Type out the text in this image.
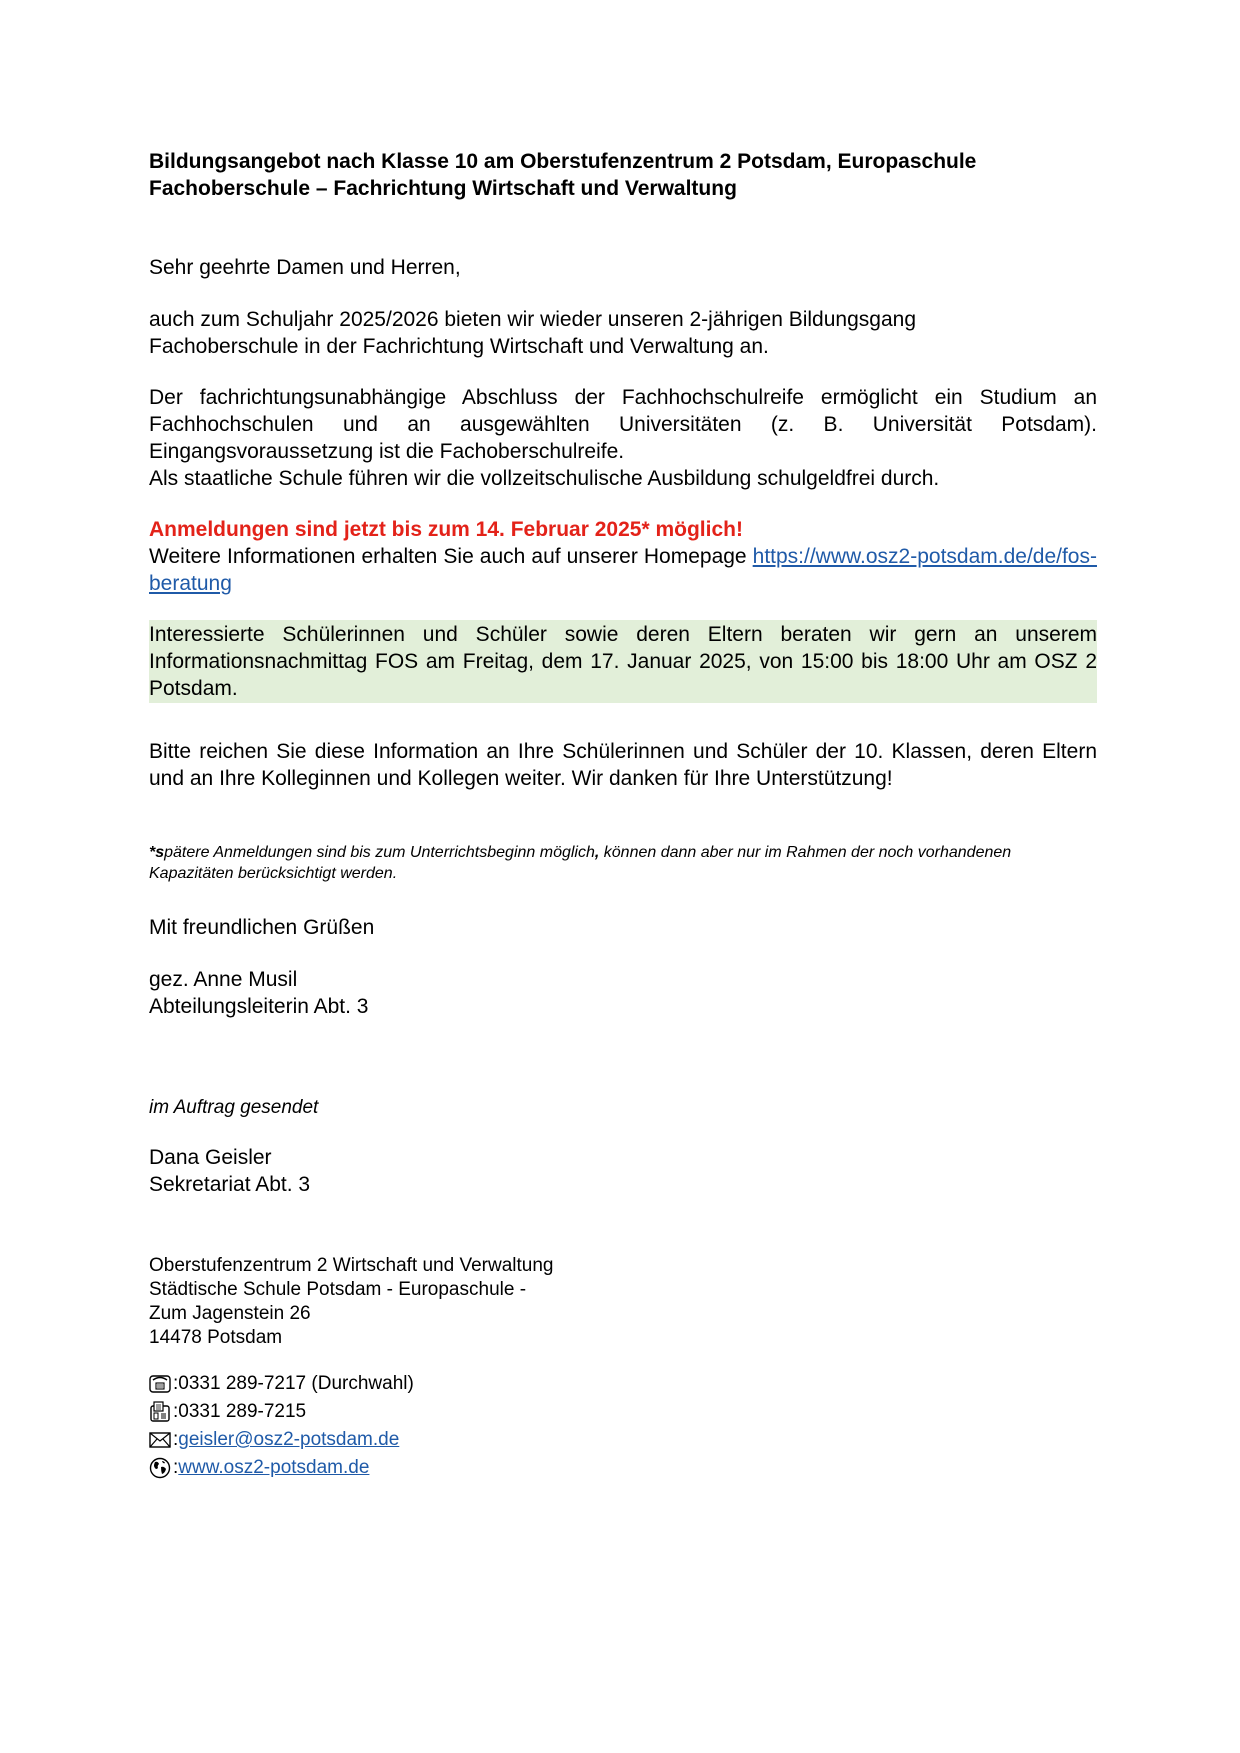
Bildungsangebot nach Klasse 10 am Oberstufenzentrum 2 Potsdam, Europaschule
Fachoberschule – Fachrichtung Wirtschaft und Verwaltung
Sehr geehrte Damen und Herren,
auch zum Schuljahr 2025/2026 bieten wir wieder unseren 2-jährigen Bildungsgang Fachoberschule in der Fachrichtung Wirtschaft und Verwaltung an.
Der fachrichtungsunabhängige Abschluss der Fachhochschulreife ermöglicht ein Studium an Fachhochschulen und an ausgewählten Universitäten (z. B. Universität Potsdam). Eingangsvoraussetzung ist die Fachoberschulreife.
Als staatliche Schule führen wir die vollzeitschulische Ausbildung schulgeldfrei durch.
Anmeldungen sind jetzt bis zum 14. Februar 2025* möglich!
Weitere Informationen erhalten Sie auch auf unserer Homepage https://www.osz2-potsdam.de/de/fos-beratung
Interessierte Schülerinnen und Schüler sowie deren Eltern beraten wir gern an unserem Informationsnachmittag FOS am Freitag, dem 17. Januar 2025, von 15:00 bis 18:00 Uhr am OSZ 2 Potsdam.
Bitte reichen Sie diese Information an Ihre Schülerinnen und Schüler der 10. Klassen, deren Eltern und an Ihre Kolleginnen und Kollegen weiter. Wir danken für Ihre Unterstützung!
*spätere Anmeldungen sind bis zum Unterrichtsbeginn möglich, können dann aber nur im Rahmen der noch vorhandenen Kapazitäten berücksichtigt werden.
Mit freundlichen Grüßen
gez. Anne Musil
Abteilungsleiterin Abt. 3
im Auftrag gesendet
Dana Geisler
Sekretariat Abt. 3
Oberstufenzentrum 2 Wirtschaft und Verwaltung
Städtische Schule Potsdam - Europaschule -
Zum Jagenstein 26
14478 Potsdam
: 0331 289-7217 (Durchwahl)
: 0331 289-7215
: geisler@osz2-potsdam.de
: www.osz2-potsdam.de
